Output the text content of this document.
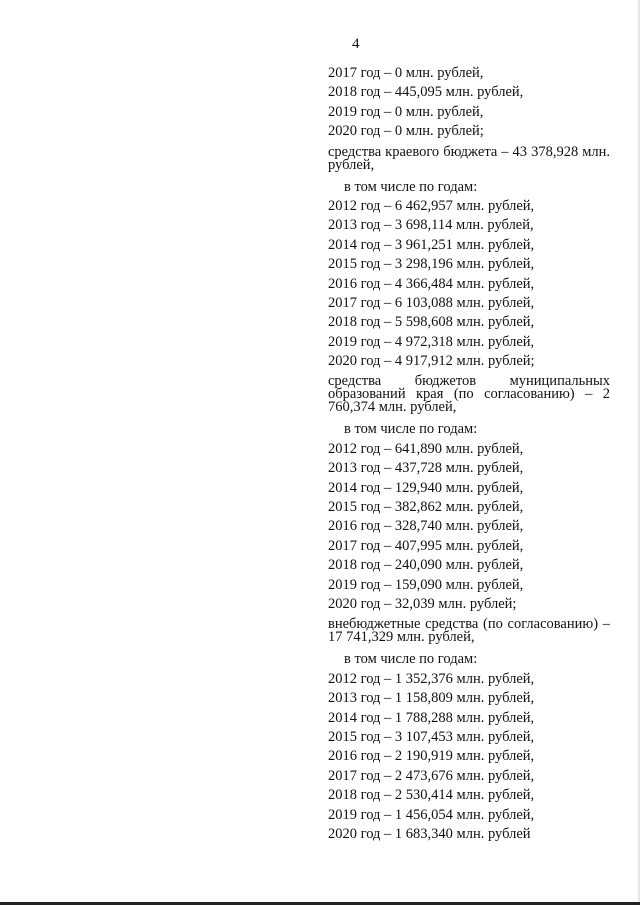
4
2017 год – 0 млн. рублей,
2018 год – 445,095 млн. рублей,
2019 год – 0 млн. рублей,
2020 год – 0 млн. рублей;
средства краевого бюджета – 43 378,928 млн. рублей,
в том числе по годам:
2012 год – 6 462,957 млн. рублей,
2013 год – 3 698,114 млн. рублей,
2014 год – 3 961,251 млн. рублей,
2015 год – 3 298,196 млн. рублей,
2016 год – 4 366,484 млн. рублей,
2017 год – 6 103,088 млн. рублей,
2018 год – 5 598,608 млн. рублей,
2019 год – 4 972,318 млн. рублей,
2020 год – 4 917,912 млн. рублей;
средства бюджетов муниципальных образований края (по согласованию) – 2 760,374 млн. рублей,
в том числе по годам:
2012 год – 641,890 млн. рублей,
2013 год – 437,728 млн. рублей,
2014 год – 129,940 млн. рублей,
2015 год – 382,862 млн. рублей,
2016 год – 328,740 млн. рублей,
2017 год – 407,995 млн. рублей,
2018 год – 240,090 млн. рублей,
2019 год – 159,090 млн. рублей,
2020 год – 32,039 млн. рублей;
внебюджетные средства (по согласованию) – 17 741,329 млн. рублей,
в том числе по годам:
2012 год – 1 352,376 млн. рублей,
2013 год – 1 158,809 млн. рублей,
2014 год – 1 788,288 млн. рублей,
2015 год – 3 107,453 млн. рублей,
2016 год – 2 190,919 млн. рублей,
2017 год – 2 473,676 млн. рублей,
2018 год – 2 530,414 млн. рублей,
2019 год – 1 456,054 млн. рублей,
2020 год – 1 683,340 млн. рублей
